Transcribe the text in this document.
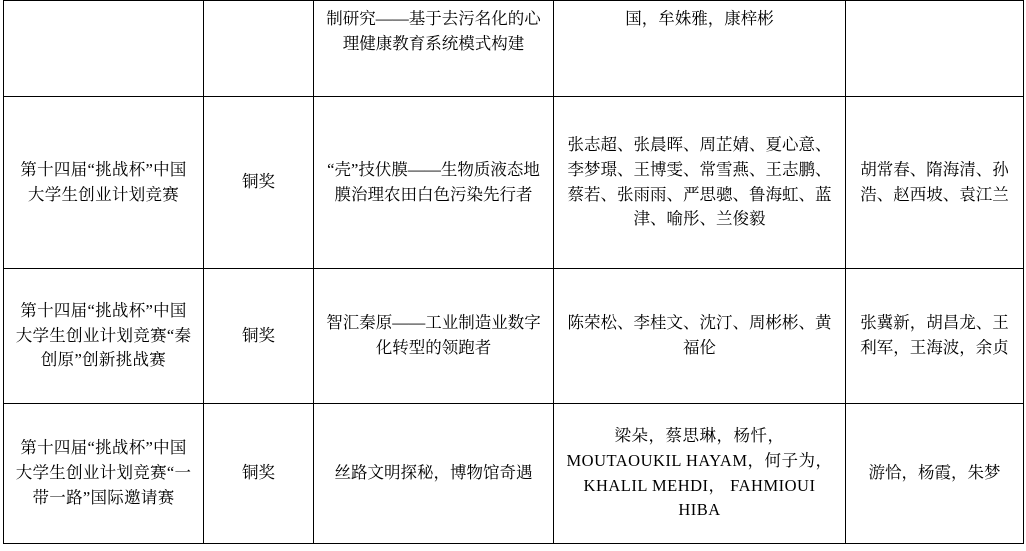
		制研究——基于去污名化的心理健康教育系统模式构建	国，牟姝雅，康梓彬	
第十四届“挑战杯”中国大学生创业计划竞赛	铜奖	“壳”技伏膜——生物质液态地膜治理农田白色污染先行者	张志超、张晨晖、周芷婧、夏心意、李梦璟、王博雯、常雪燕、王志鹏、蔡若、张雨雨、严思骢、鲁海虹、蓝津、喻彤、兰俊毅	胡常春、隋海清、孙浩、赵西坡、袁江兰
第十四届“挑战杯”中国大学生创业计划竞赛“秦创原”创新挑战赛	铜奖	智汇秦原——工业制造业数字化转型的领跑者	陈荣松、李桂文、沈汀、周彬彬、黄福伦	张冀新，胡昌龙、王利军，王海波，余贞
第十四届“挑战杯”中国大学生创业计划竞赛“一带一路”国际邀请赛	铜奖	丝路文明探秘，博物馆奇遇	梁朵，蔡思琳，杨忏，MOUTAOUKIL HAYAM，何子为，KHALIL MEHDI， FAHMIOUI HIBA	游恰，杨霞，朱梦
